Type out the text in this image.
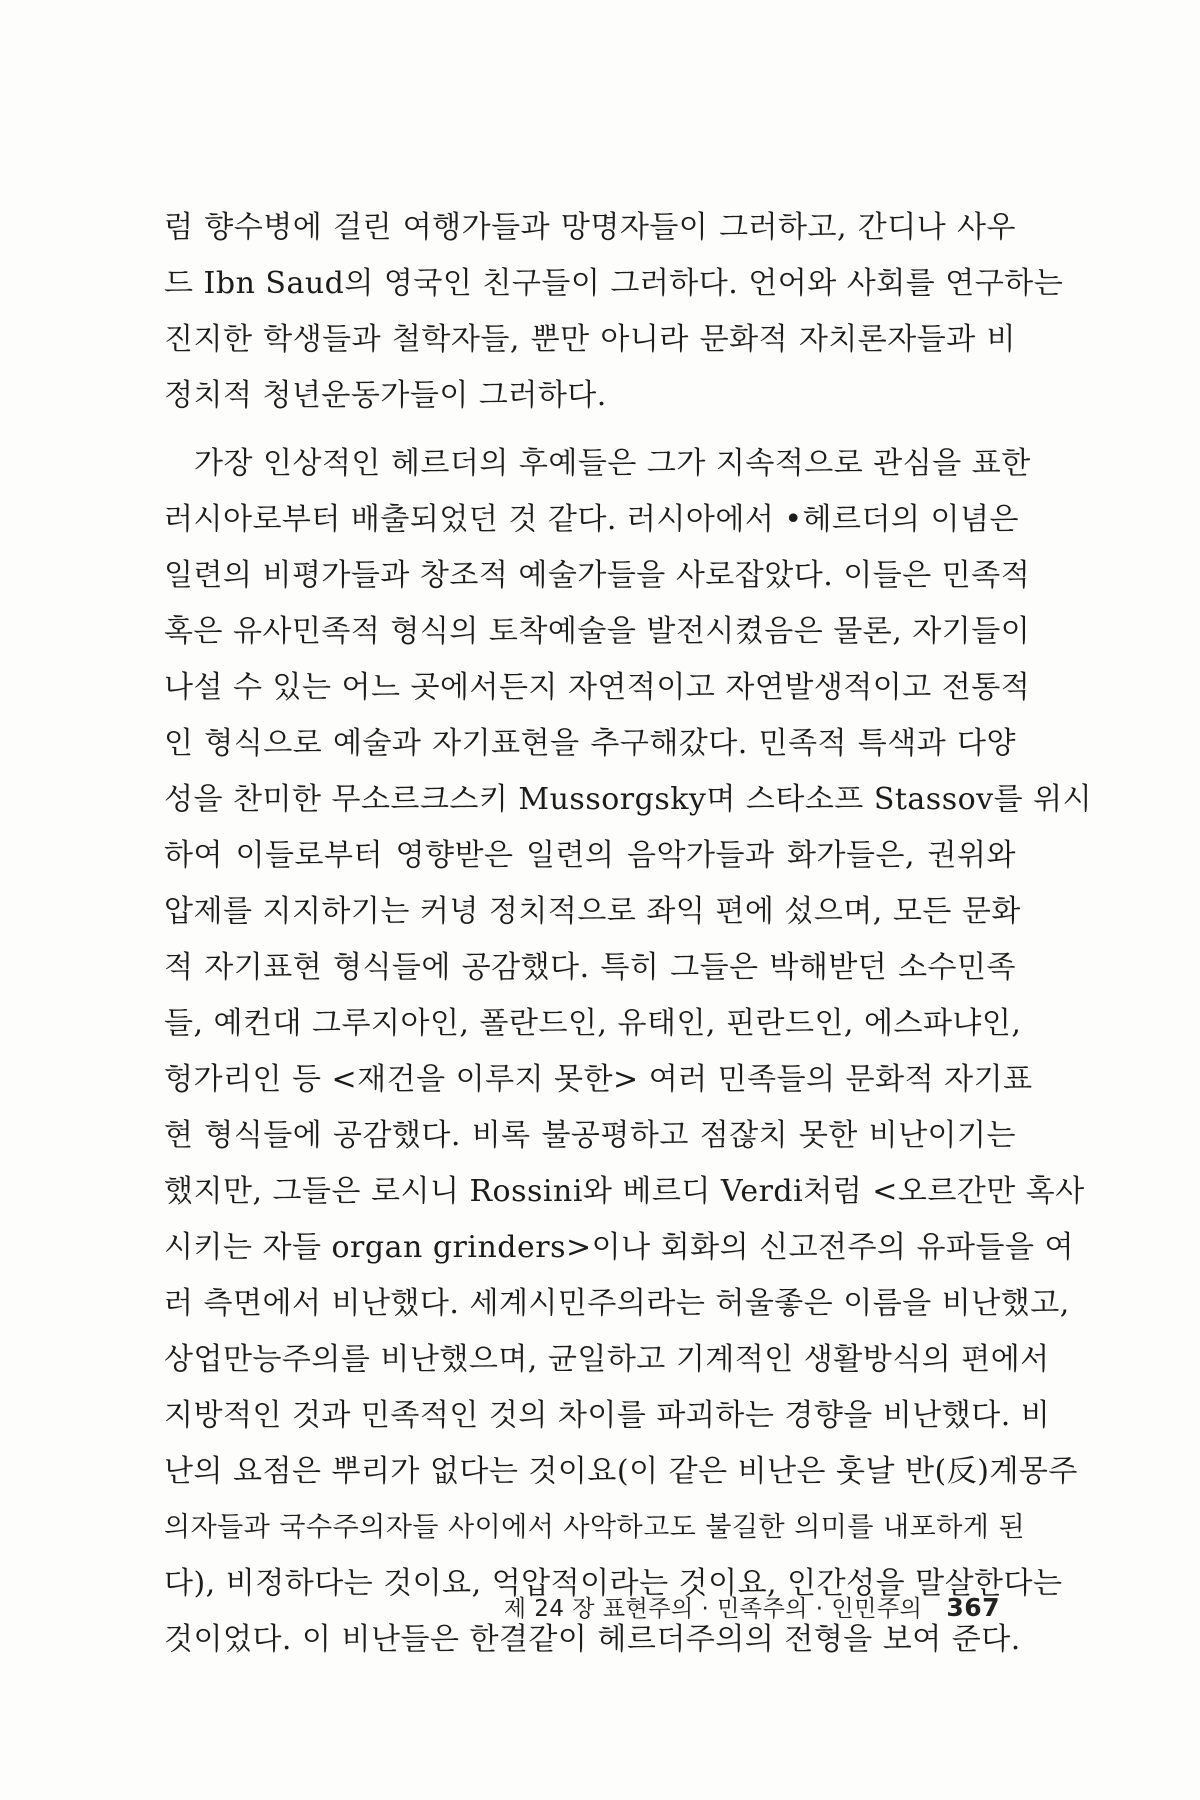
럼 향수병에 걸린 여행가들과 망명자들이 그러하고, 간디나 사우
드 Ibn Saud의 영국인 친구들이 그러하다. 언어와 사회를 연구하는
진지한 학생들과 철학자들, 뿐만 아니라 문화적 자치론자들과 비
정치적 청년운동가들이 그러하다.
가장 인상적인 헤르더의 후예들은 그가 지속적으로 관심을 표한
러시아로부터 배출되었던 것 같다. 러시아에서 •헤르더의 이념은
일련의 비평가들과 창조적 예술가들을 사로잡았다. 이들은 민족적
혹은 유사민족적 형식의 토착예술을 발전시켰음은 물론, 자기들이
나설 수 있는 어느 곳에서든지 자연적이고 자연발생적이고 전통적
인 형식으로 예술과 자기표현을 추구해갔다. 민족적 특색과 다양
성을 찬미한 무소르크스키 Mussorgsky며 스타소프 Stassov를 위시
하여 이들로부터 영향받은 일련의 음악가들과 화가들은, 권위와
압제를 지지하기는 커녕 정치적으로 좌익 편에 섰으며, 모든 문화
적 자기표현 형식들에 공감했다. 특히 그들은 박해받던 소수민족
들, 예컨대 그루지아인, 폴란드인, 유태인, 핀란드인, 에스파냐인,
헝가리인 등 <재건을 이루지 못한> 여러 민족들의 문화적 자기표
현 형식들에 공감했다. 비록 불공평하고 점잖치 못한 비난이기는
했지만, 그들은 로시니 Rossini와 베르디 Verdi처럼 <오르간만 혹사
시키는 자들 organ grinders>이나 회화의 신고전주의 유파들을 여
러 측면에서 비난했다. 세계시민주의라는 허울좋은 이름을 비난했고,
상업만능주의를 비난했으며, 균일하고 기계적인 생활방식의 편에서
지방적인 것과 민족적인 것의 차이를 파괴하는 경향을 비난했다. 비
난의 요점은 뿌리가 없다는 것이요(이 같은 비난은 훗날 반(反)계몽주
의자들과 국수주의자들 사이에서 사악하고도 불길한 의미를 내포하게 된
다), 비정하다는 것이요, 억압적이라는 것이요, 인간성을 말살한다는
것이었다. 이 비난들은 한결같이 헤르더주의의 전형을 보여 준다.
제 24 장 표현주의 · 민족주의 · 인민주의 367
